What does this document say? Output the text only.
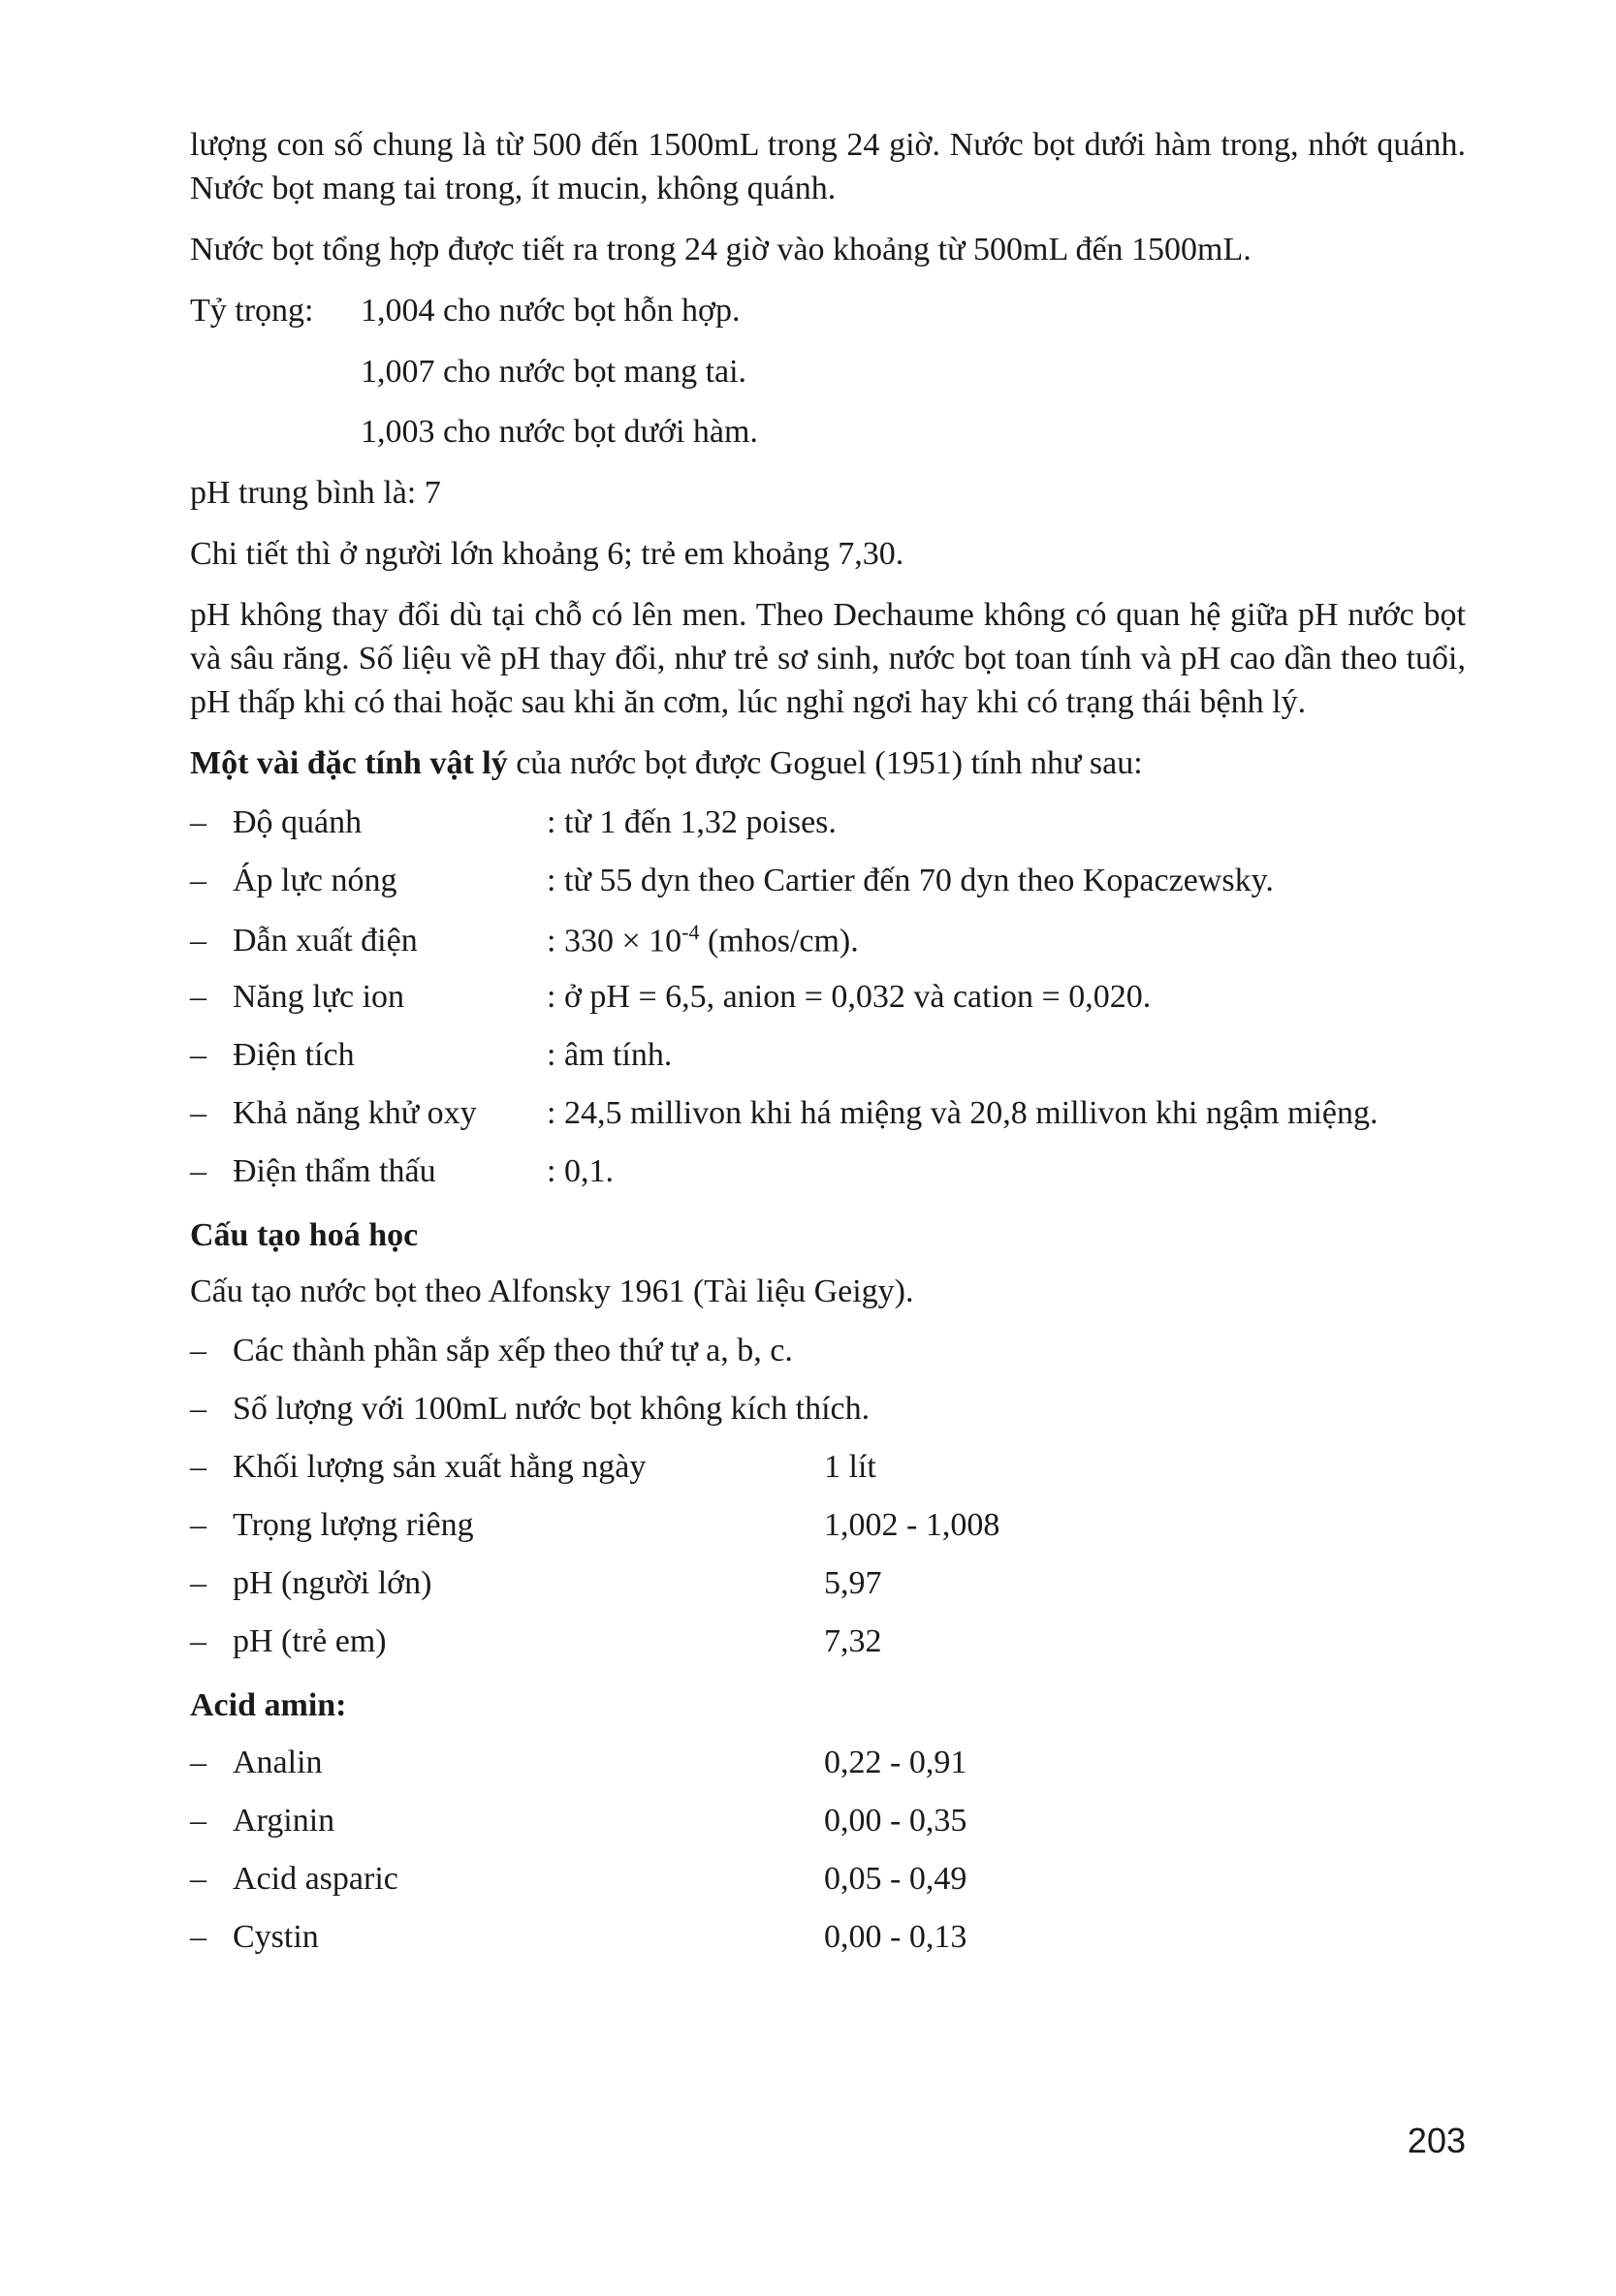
lượng con số chung là từ 500 đến 1500mL trong 24 giờ. Nước bọt dưới hàm trong, nhớt quánh. Nước bọt mang tai trong, ít mucin, không quánh.

Nước bọt tổng hợp được tiết ra trong 24 giờ vào khoảng từ 500mL đến 1500mL.

Tỷ trọng:	1,004 cho nước bọt hỗn hợp.
1,007 cho nước bọt mang tai.
1,003 cho nước bọt dưới hàm.

pH trung bình là: 7

Chi tiết thì ở người lớn khoảng 6; trẻ em khoảng 7,30.

pH không thay đổi dù tại chỗ có lên men. Theo Dechaume không có quan hệ giữa pH nước bọt và sâu răng. Số liệu về pH thay đổi, như trẻ sơ sinh, nước bọt toan tính và pH cao dần theo tuổi, pH thấp khi có thai hoặc sau khi ăn cơm, lúc nghỉ ngơi hay khi có trạng thái bệnh lý.

Một vài đặc tính vật lý của nước bọt được Goguel (1951) tính như sau:

– Độ quánh	: từ 1 đến 1,32 poises.
– Áp lực nóng	: từ 55 dyn theo Cartier đến 70 dyn theo Kopaczewsky.
– Dẫn xuất điện	: $330 \times 10^{-4}$ (mhos/cm).
– Năng lực ion	: ở pH = 6,5, anion = 0,032 và cation = 0,020.
– Điện tích	: âm tính.
– Khả năng khử oxy	: 24,5 millivon khi há miệng và 20,8 millivon khi ngậm miệng.
– Điện thẩm thấu	: 0,1.
Cấu tạo hoá học

Cấu tạo nước bọt theo Alfonsky 1961 (Tài liệu Geigy).

– Các thành phần sắp xếp theo thứ tự a, b, c.
– Số lượng với 100mL nước bọt không kích thích.
– Khối lượng sản xuất hằng ngày	1 lít
– Trọng lượng riêng	1,002 - 1,008
– pH (người lớn)	5,97
– pH (trẻ em)	7,32
Acid amin:
– Analin	0,22 - 0,91
– Arginin	0,00 - 0,35
– Acid asparic	0,05 - 0,49
– Cystin	0,00 - 0,13
203
